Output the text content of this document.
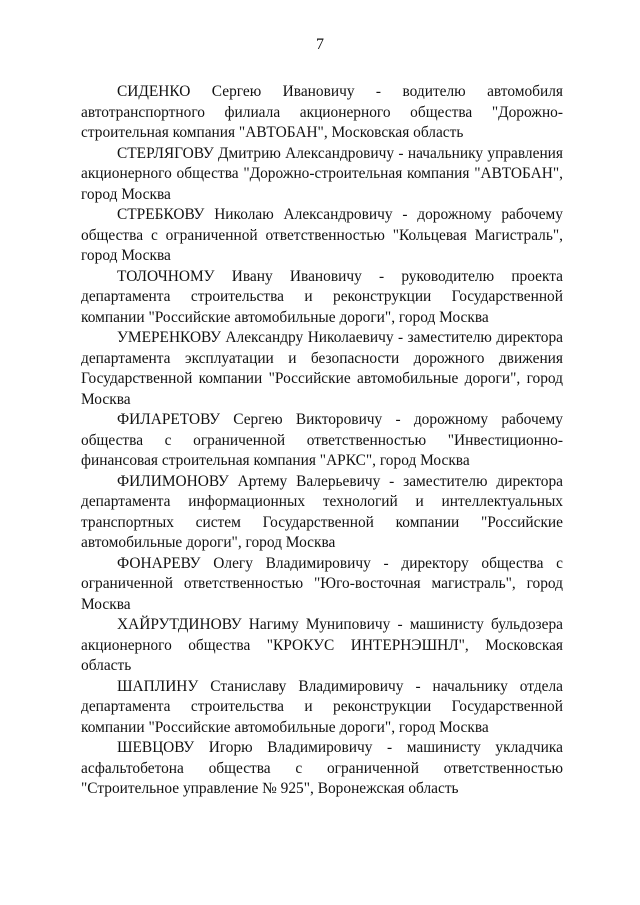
7

СИДЕНКО Сергею Ивановичу - водителю автомобиля автотранспортного филиала акционерного общества "Дорожно-строительная компания "АВТОБАН", Московская область

СТЕРЛЯГОВУ Дмитрию Александровичу - начальнику управления акционерного общества "Дорожно-строительная компания "АВТОБАН", город Москва

СТРЕБКОВУ Николаю Александровичу - дорожному рабочему общества с ограниченной ответственностью "Кольцевая Магистраль", город Москва

ТОЛОЧНОМУ Ивану Ивановичу - руководителю проекта департамента строительства и реконструкции Государственной компании "Российские автомобильные дороги", город Москва

УМЕРЕНКОВУ Александру Николаевичу - заместителю директора департамента эксплуатации и безопасности дорожного движения Государственной компании "Российские автомобильные дороги", город Москва

ФИЛАРЕТОВУ Сергею Викторовичу - дорожному рабочему общества с ограниченной ответственностью "Инвестиционно-финансовая строительная компания "АРКС", город Москва

ФИЛИМОНОВУ Артему Валерьевичу - заместителю директора департамента информационных технологий и интеллектуальных транспортных систем Государственной компании "Российские автомобильные дороги", город Москва

ФОНАРЕВУ Олегу Владимировичу - директору общества с ограниченной ответственностью "Юго-восточная магистраль", город Москва

ХАЙРУТДИНОВУ Нагиму Муниповичу - машинисту бульдозера акционерного общества "КРОКУС ИНТЕРНЭШНЛ", Московская область

ШАПЛИНУ Станиславу Владимировичу - начальнику отдела департамента строительства и реконструкции Государственной компании "Российские автомобильные дороги", город Москва

ШЕВЦОВУ Игорю Владимировичу - машинисту укладчика асфальтобетона общества с ограниченной ответственностью "Строительное управление № 925", Воронежская область
